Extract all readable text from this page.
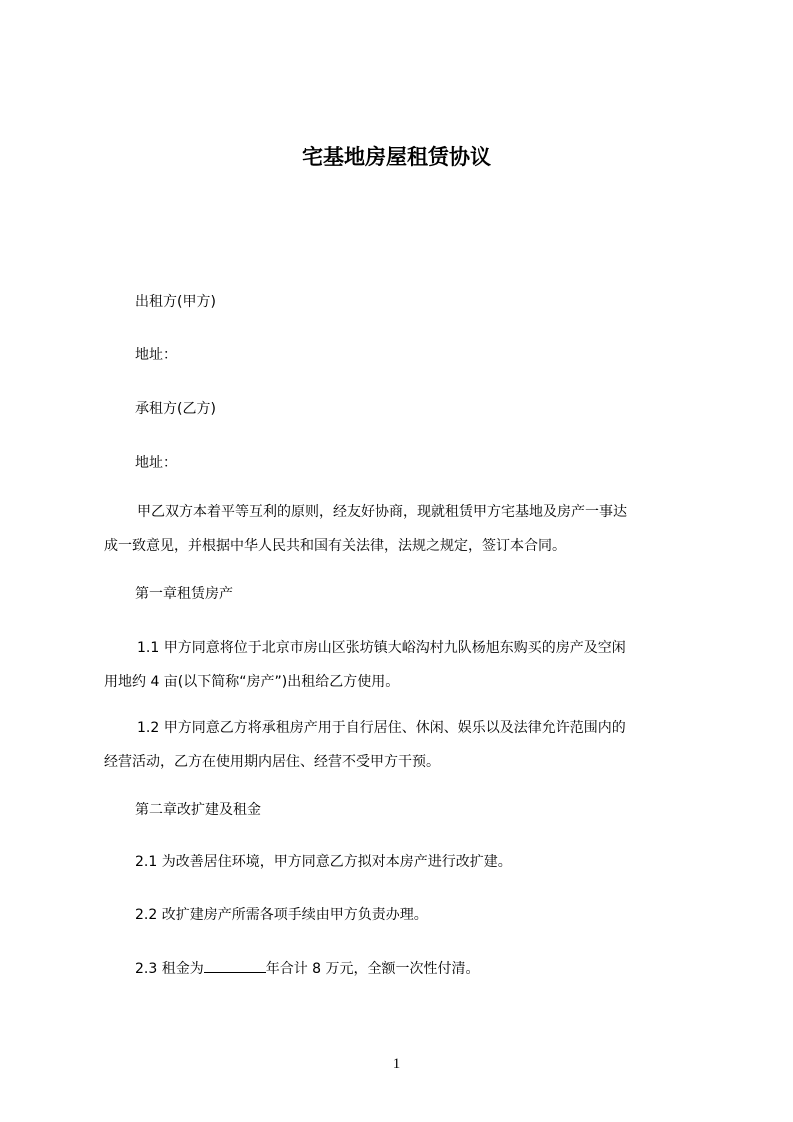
宅基地房屋租赁协议

出租方(甲方)

地址：

承租方(乙方)

地址：

甲乙双方本着平等互利的原则，经友好协商，现就租赁甲方宅基地及房产一事达
成一致意见，并根据中华人民共和国有关法律，法规之规定，签订本合同。

第一章租赁房产

1.1 甲方同意将位于北京市房山区张坊镇大峪沟村九队杨旭东购买的房产及空闲
用地约 4 亩(以下简称“房产”)出租给乙方使用。
1.2 甲方同意乙方将承租房产用于自行居住、休闲、娱乐以及法律允许范围内的
经营活动，乙方在使用期内居住、经营不受甲方干预。

第二章改扩建及租金

2.1 为改善居住环境，甲方同意乙方拟对本房产进行改扩建。

2.2 改扩建房产所需各项手续由甲方负责办理。

2.3 租金为	年合计 8 万元，全额一次性付清。

1
